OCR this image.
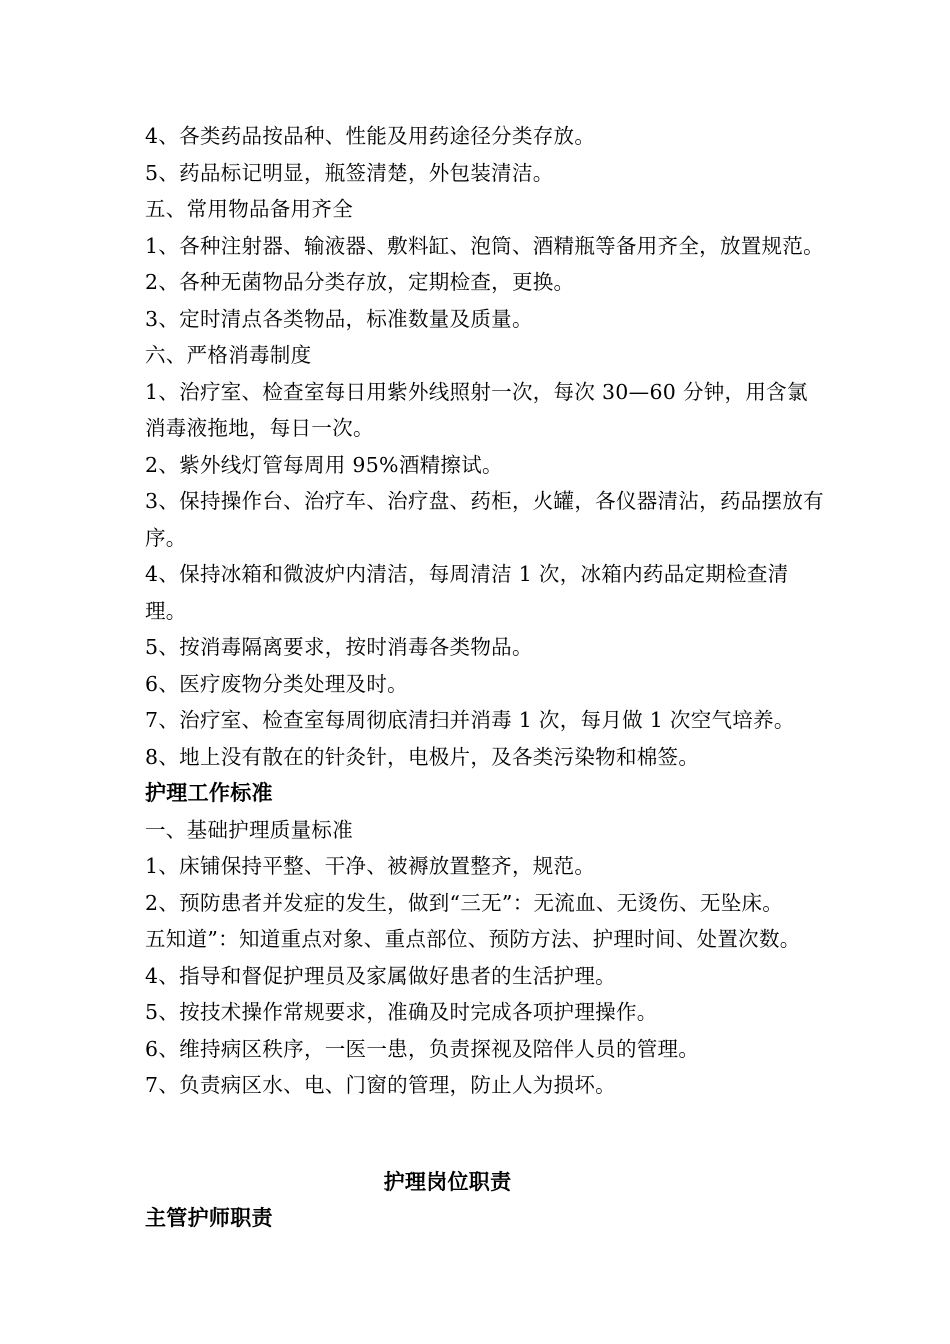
4、各类药品按品种、性能及用药途径分类存放。
5、药品标记明显，瓶签清楚，外包装清洁。
五、常用物品备用齐全
1、各种注射器、输液器、敷料缸、泡筒、酒精瓶等备用齐全，放置规范。
2、各种无菌物品分类存放，定期检查，更换。
3、定时清点各类物品，标准数量及质量。
六、严格消毒制度
1、治疗室、检查室每日用紫外线照射一次，每次 30—60 分钟，用含氯
消毒液拖地，每日一次。
2、紫外线灯管每周用 95%酒精擦试。
3、保持操作台、治疗车、治疗盘、药柜，火罐，各仪器清沾，药品摆放有
序。
4、保持冰箱和微波炉内清洁，每周清洁 1 次，冰箱内药品定期检查清
理。
5、按消毒隔离要求，按时消毒各类物品。
6、医疗废物分类处理及时。
7、治疗室、检查室每周彻底清扫并消毒 1 次，每月做 1 次空气培养。
8、地上没有散在的针灸针，电极片，及各类污染物和棉签。
护理工作标准
一、基础护理质量标准
1、床铺保持平整、干净、被褥放置整齐，规范。
2、预防患者并发症的发生，做到“三无”：无流血、无烫伤、无坠床。
五知道”：知道重点对象、重点部位、预防方法、护理时间、处置次数。
4、指导和督促护理员及家属做好患者的生活护理。
5、按技术操作常规要求，准确及时完成各项护理操作。
6、维持病区秩序，一医一患，负责探视及陪伴人员的管理。
7、负责病区水、电、门窗的管理，防止人为损坏。
护理岗位职责
主管护师职责
